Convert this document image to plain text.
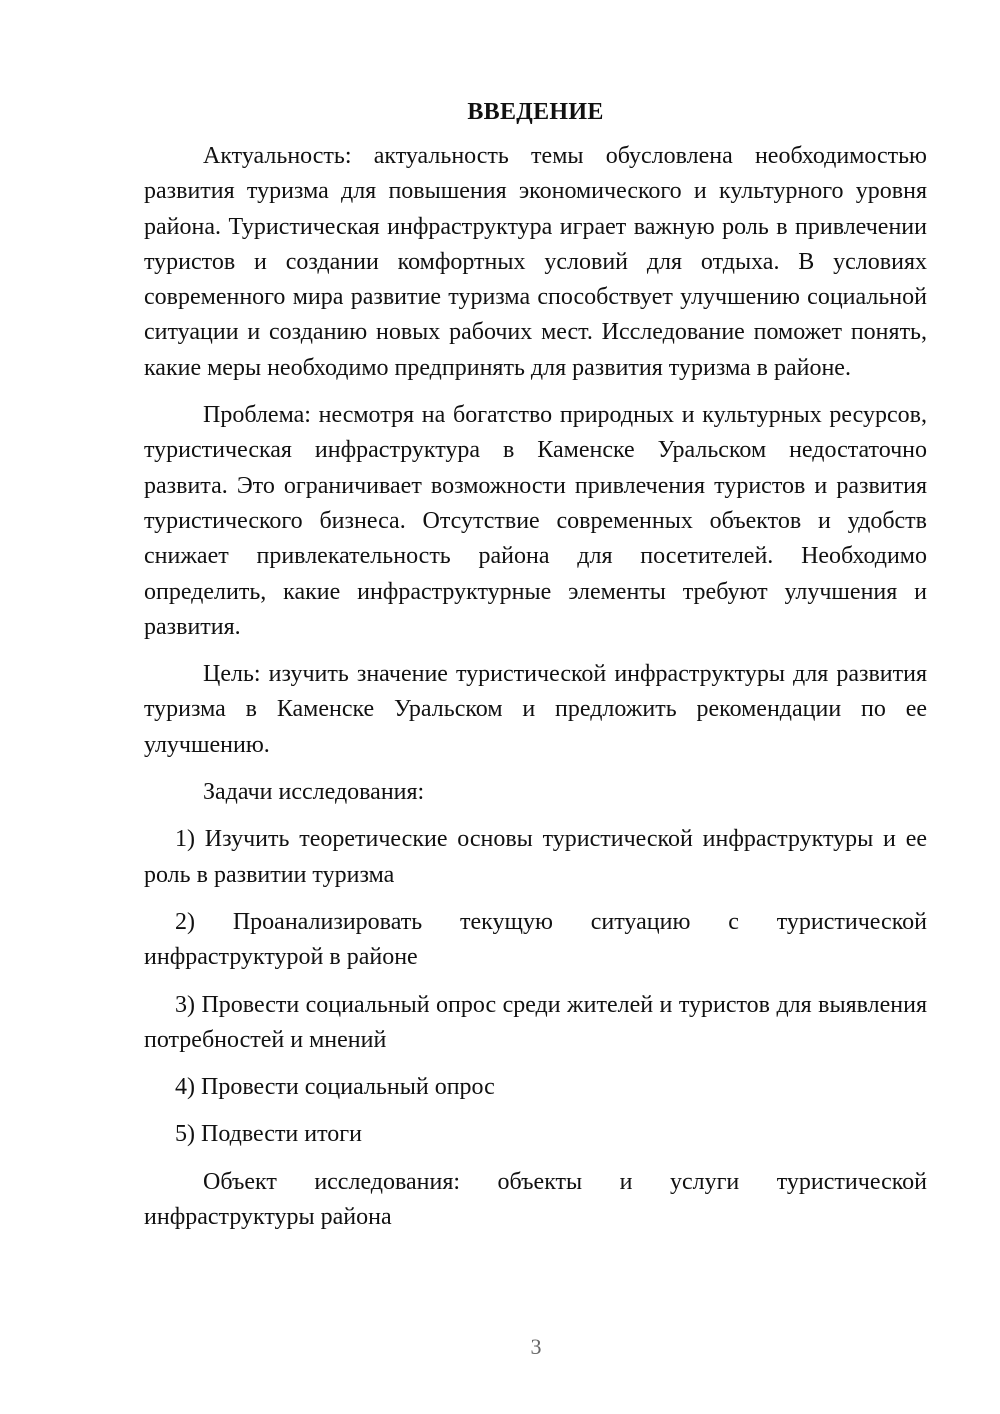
ВВЕДЕНИЕ

Актуальность: актуальность темы обусловлена необходимостью развития туризма для повышения экономического и культурного уровня района. Туристическая инфраструктура играет важную роль в привлечении туристов и создании комфортных условий для отдыха. В условиях современного мира развитие туризма способствует улучшению социальной ситуации и созданию новых рабочих мест. Исследование поможет понять, какие меры необходимо предпринять для развития туризма в районе.

Проблема: несмотря на богатство природных и культурных ресурсов, туристическая инфраструктура в Каменске Уральском недостаточно развита. Это ограничивает возможности привлечения туристов и развития туристического бизнеса. Отсутствие современных объектов и удобств снижает привлекательность района для посетителей. Необходимо определить, какие инфраструктурные элементы требуют улучшения и развития.

Цель: изучить значение туристической инфраструктуры для развития туризма в Каменске Уральском и предложить рекомендации по ее улучшению.

Задачи исследования:

1) Изучить теоретические основы туристической инфраструктуры и ее роль в развитии туризма

2) Проанализировать текущую ситуацию с туристической инфраструктурой в районе

3) Провести социальный опрос среди жителей и туристов для выявления потребностей и мнений

4) Провести социальный опрос

5) Подвести итоги

Объект исследования: объекты и услуги туристической инфраструктуры района

3
